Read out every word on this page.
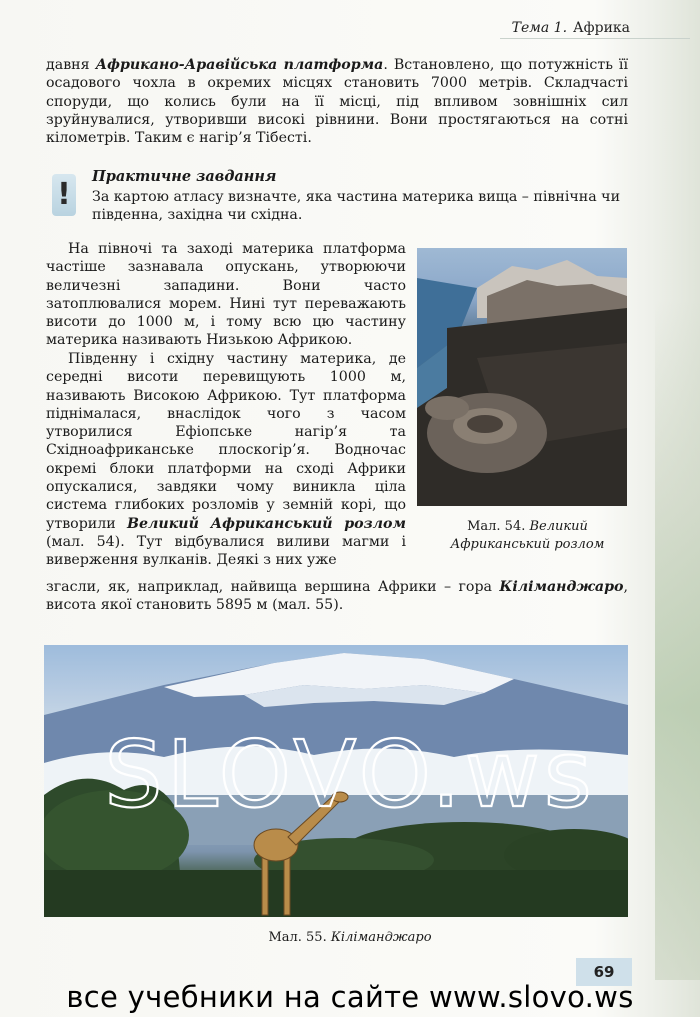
Тема 1. Африка
давня Африкано-Аравійська платформа. Встановлено, що потужність її осадового чохла в окремих місцях становить 7000 метрів. Складчасті споруди, що колись були на її місці, під впливом зовнішніх сил зруйнувалися, утворивши високі рівнини. Вони простягаються на сотні кілометрів. Таким є нагір’я Тібесті.
!
Практичне завдання
За картою атласу визначте, яка частина материка вища – північна чи південна, західна чи східна.
На півночі та заході материка платформа частіше зазнавала опускань, утворюючи величезні западини. Вони часто затоплювалися морем. Нині тут переважають висоти до 1000 м, і тому всю цю частину материка називають Низькою Африкою.
Південну і східну частину материка, де середні висоти перевищують 1000 м, називають Високою Африкою. Тут платформа піднімалася, внаслідок чого з часом утворилися Ефіопське нагір’я та Східноафриканське плоскогір’я. Водночас окремі блоки платформи на сході Африки опускалися, завдяки чому виникла ціла система глибоких розломів у земній корі, що утворили Великий Африканський розлом (мал. 54). Тут відбувалися виливи магми і виверження вулканів. Деякі з них уже
Мал. 54. Великий
Африканський розлом
згасли, як, наприклад, найвища вершина Африки – гора Кіліманджаро, висота якої становить 5895 м (мал. 55).
SLOVO.ws
Мал. 55. Кіліманджаро
69
все учебники на сайте www.slovo.ws
